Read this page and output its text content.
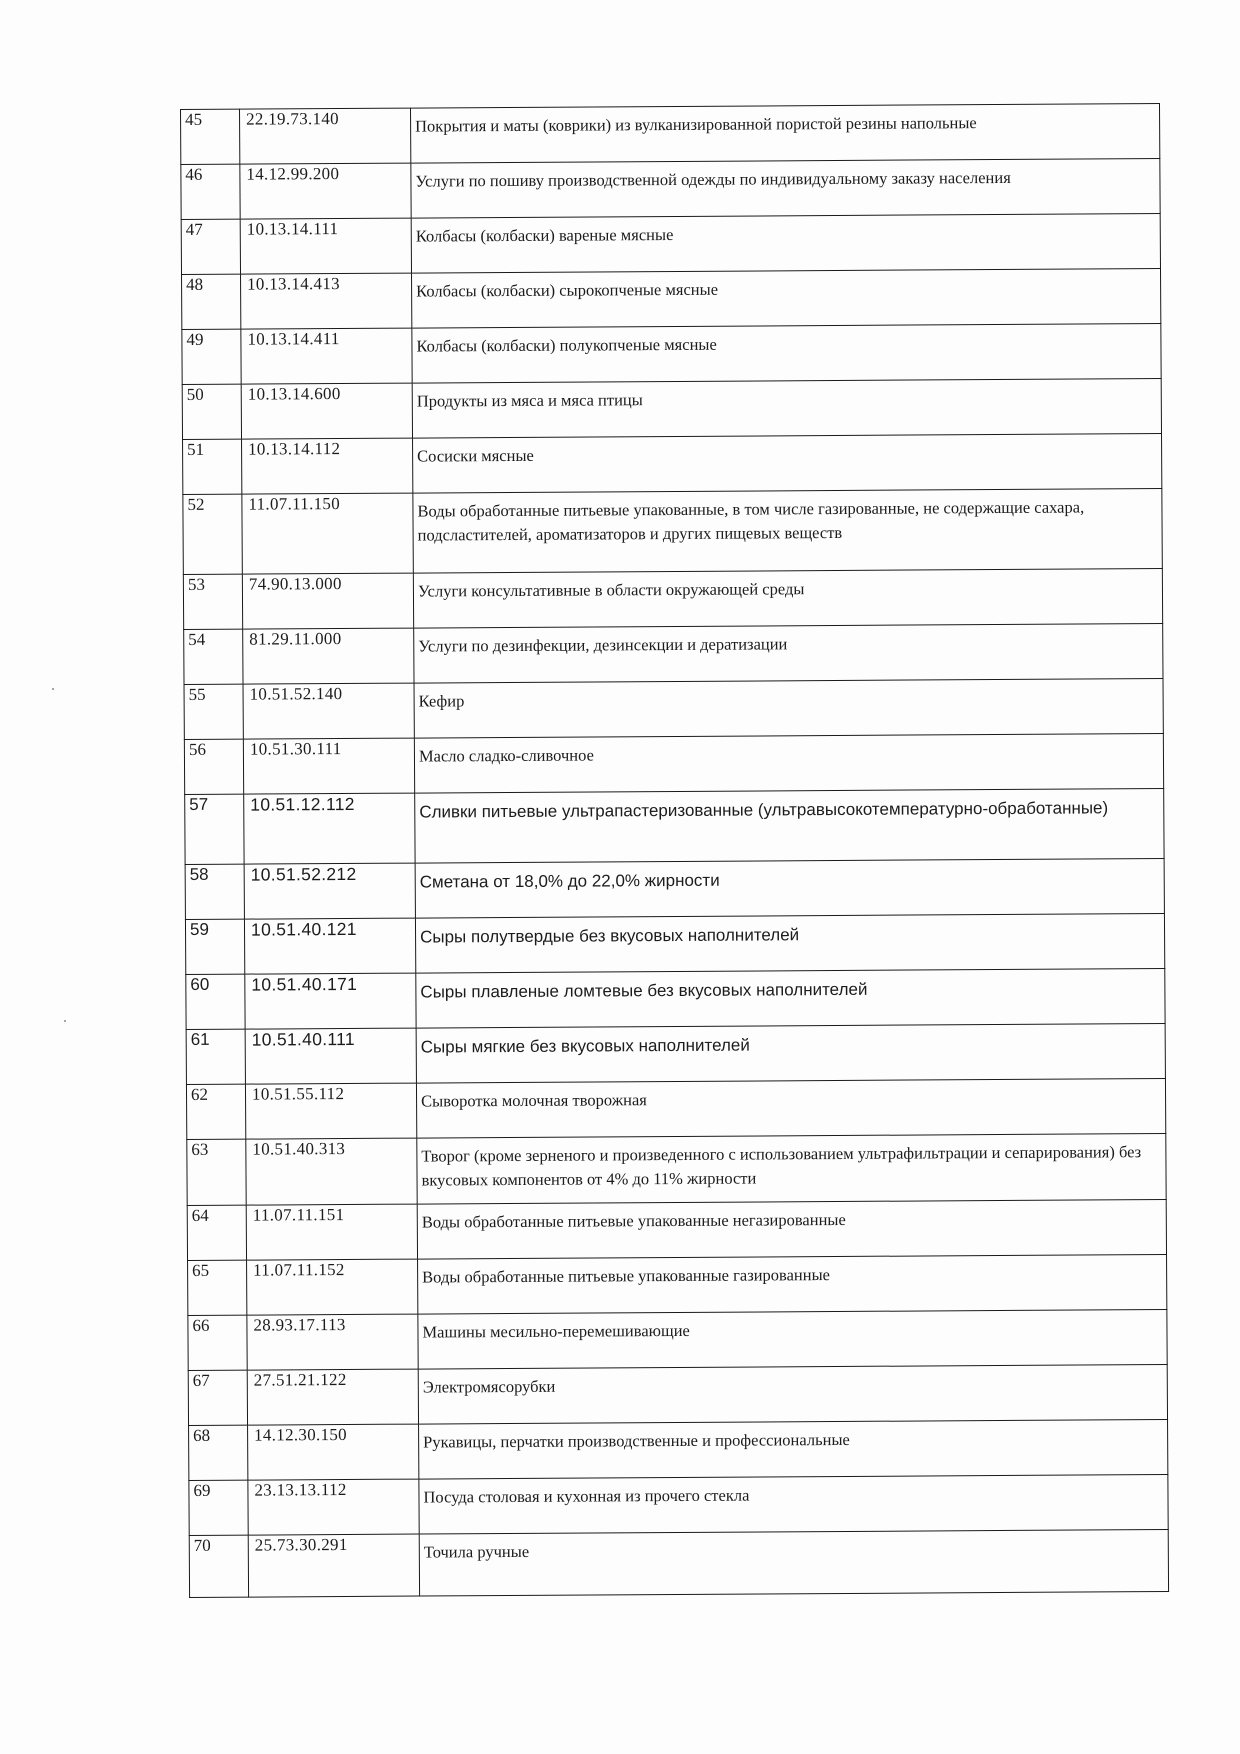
45	22.19.73.140	Покрытия и маты (коврики) из вулканизированной пористой резины напольные

46	14.12.99.200	Услуги по пошиву производственной одежды по индивидуальному заказу населения

47	10.13.14.111	Колбасы (колбаски) вареные мясные

48	10.13.14.413	Колбасы (колбаски) сырокопченые мясные

49	10.13.14.411	Колбасы (колбаски) полукопченые мясные

50	10.13.14.600	Продукты из мяса и мяса птицы

51	10.13.14.112	Сосиски мясные

52	11.07.11.150	Воды обработанные питьевые упакованные, в том числе газированные, не содержащие сахара, подсластителей, ароматизаторов и других пищевых веществ

53	74.90.13.000	Услуги консультативные в области окружающей среды

54	81.29.11.000	Услуги по дезинфекции, дезинсекции и дератизации

55	10.51.52.140	Кефир

56	10.51.30.111	Масло сладко-сливочное

57	10.51.12.112	Сливки питьевые ультрапастеризованные (ультравысокотемпературно-обработанные)

58	10.51.52.212	Сметана от 18,0% до 22,0% жирности

59	10.51.40.121	Сыры полутвердые без вкусовых наполнителей

60	10.51.40.171	Сыры плавленые ломтевые без вкусовых наполнителей

61	10.51.40.111	Сыры мягкие без вкусовых наполнителей

62	10.51.55.112	Сыворотка молочная творожная

63	10.51.40.313	Творог (кроме зерненого и произведенного с использованием ультрафильтрации и сепарирования) без вкусовых компонентов от 4% до 11% жирности

64	11.07.11.151	Воды обработанные питьевые упакованные негазированные

65	11.07.11.152	Воды обработанные питьевые упакованные газированные

66	28.93.17.113	Машины месильно-перемешивающие

67	27.51.21.122	Электромясорубки

68	14.12.30.150	Рукавицы, перчатки производственные и профессиональные

69	23.13.13.112	Посуда столовая и кухонная из прочего стекла

70	25.73.30.291	Точила ручные
